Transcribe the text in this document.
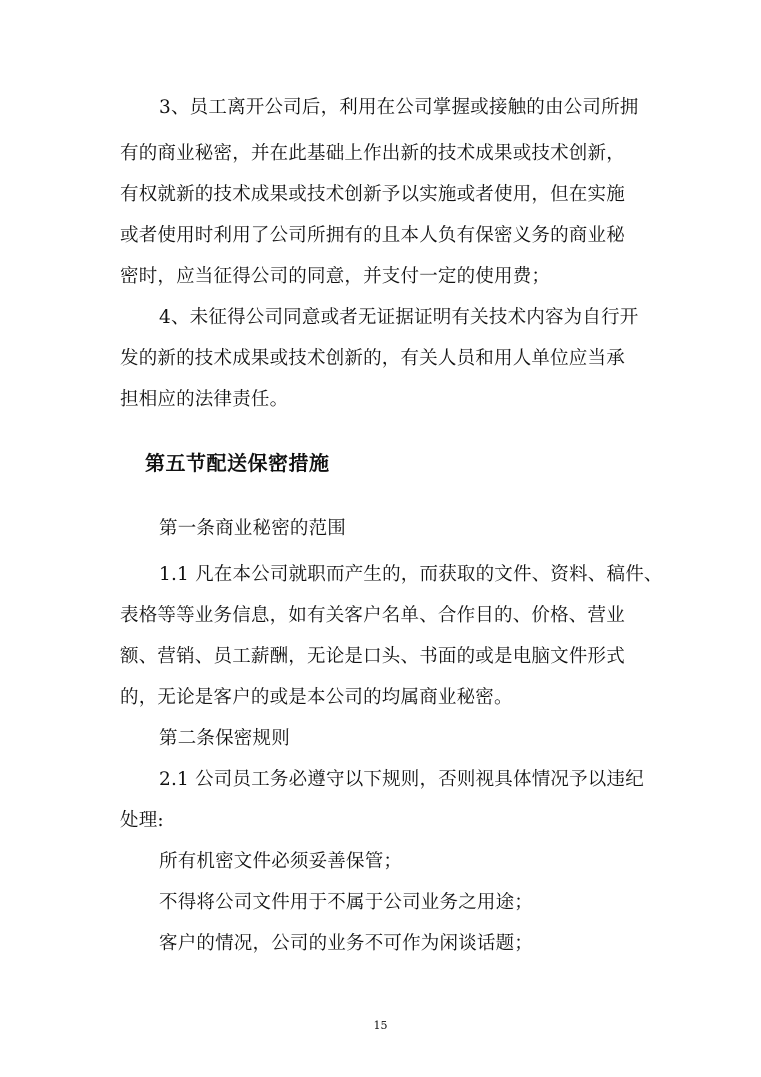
3、员工离开公司后，利用在公司掌握或接触的由公司所拥
有的商业秘密，并在此基础上作出新的技术成果或技术创新，
有权就新的技术成果或技术创新予以实施或者使用，但在实施
或者使用时利用了公司所拥有的且本人负有保密义务的商业秘
密时，应当征得公司的同意，并支付一定的使用费；
4、未征得公司同意或者无证据证明有关技术内容为自行开
发的新的技术成果或技术创新的，有关人员和用人单位应当承
担相应的法律责任。
第五节配送保密措施
第一条商业秘密的范围
1.1 凡在本公司就职而产生的，而获取的文件、资料、稿件、
表格等等业务信息，如有关客户名单、合作目的、价格、营业
额、营销、员工薪酬，无论是口头、书面的或是电脑文件形式
的，无论是客户的或是本公司的均属商业秘密。
第二条保密规则
2.1 公司员工务必遵守以下规则，否则视具体情况予以违纪
处理:
所有机密文件必须妥善保管；
不得将公司文件用于不属于公司业务之用途；
客户的情况，公司的业务不可作为闲谈话题；
15
